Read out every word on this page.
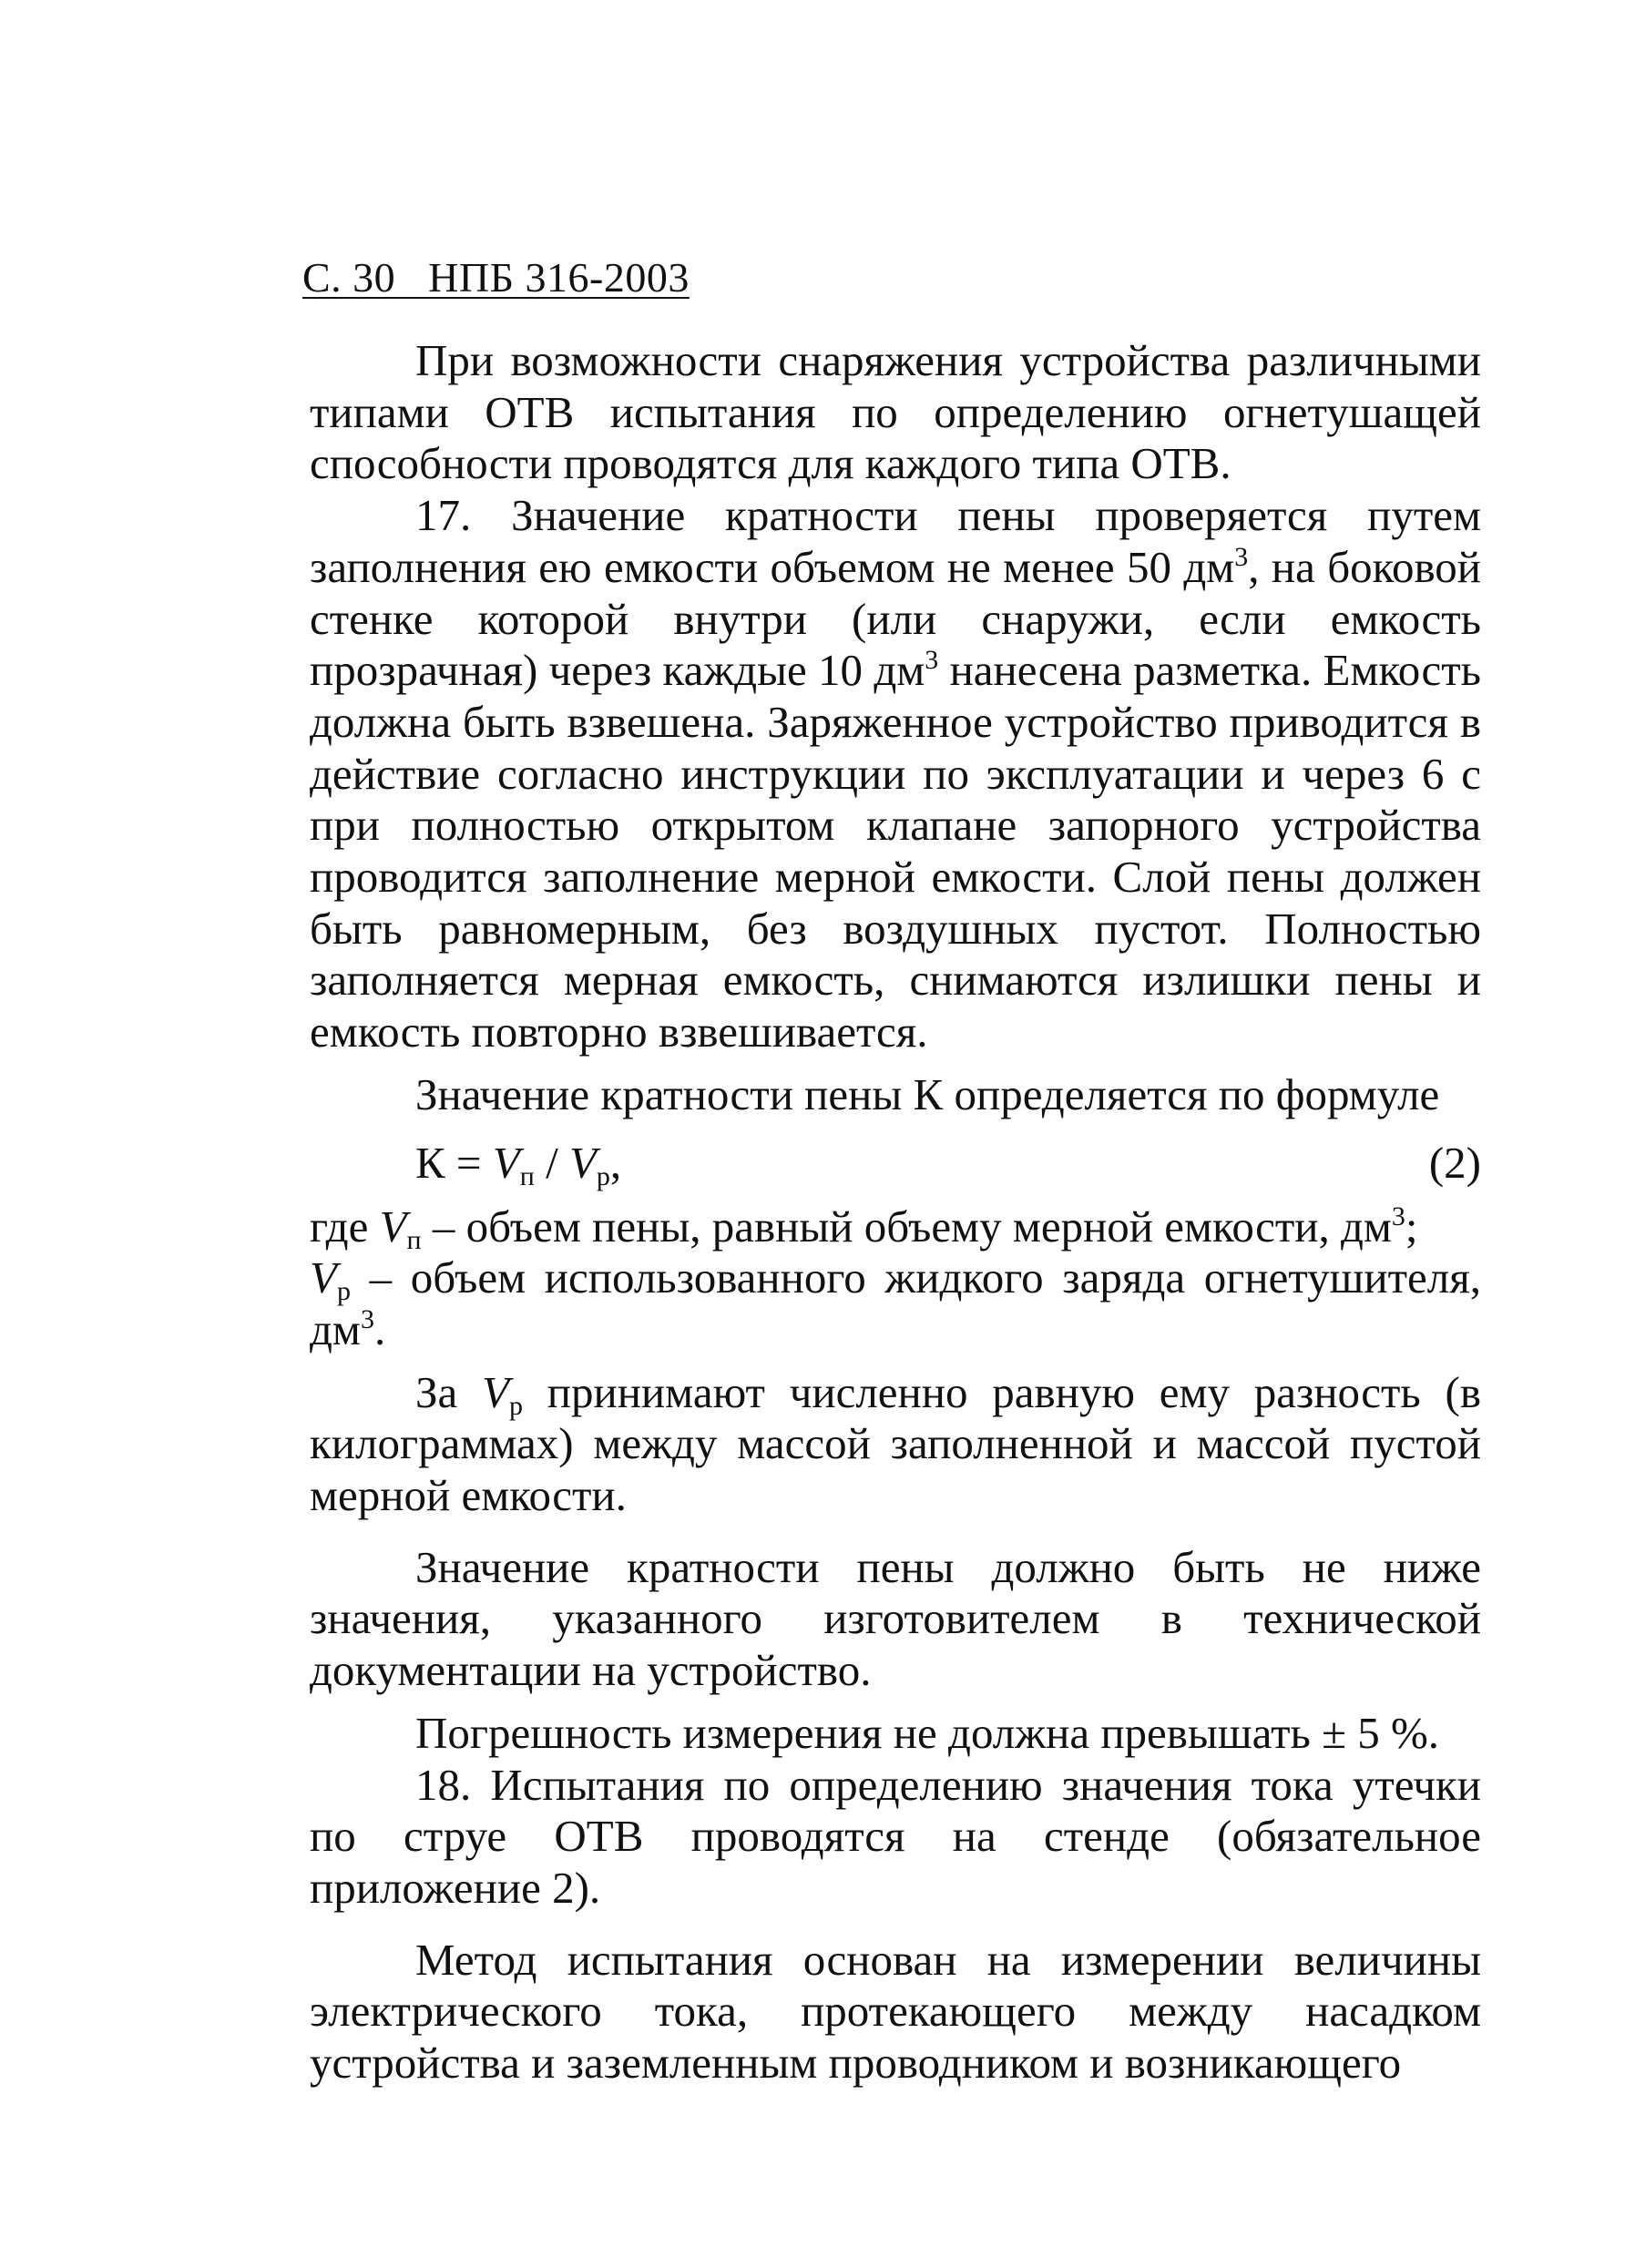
С. 30   НПБ 316-2003

При возможности снаряжения устройства различными типами ОТВ испытания по определению огнетушащей способности проводятся для каждого типа ОТВ.

17. Значение кратности пены проверяется путем заполнения ею емкости объемом не менее 50 $дм^3$, на боковой стенке которой внутри (или снаружи, если емкость прозрачная) через каждые 10 $дм^3$ нанесена разметка. Емкость должна быть взвешена. Заряженное устройство приводится в действие согласно инструкции по эксплуатации и через 6 с при полностью открытом клапане запорного устройства проводится заполнение мерной емкости. Слой пены должен быть равномерным, без воздушных пустот. Полностью заполняется мерная емкость, снимаются излишки пены и емкость повторно взвешивается.

Значение кратности пены К определяется по формуле

$К = V_п / V_р$,	(2)

где $V_п$ – объем пены, равный объему мерной емкости, $дм^3$;
$V_р$ – объем использованного жидкого заряда огнетушителя, $дм^3$.

За $V_р$ принимают численно равную ему разность (в килограммах) между массой заполненной и массой пустой мерной емкости.

Значение кратности пены должно быть не ниже значения, указанного изготовителем в технической документации на устройство.

Погрешность измерения не должна превышать ± 5 %.

18. Испытания по определению значения тока утечки по струе ОТВ проводятся на стенде (обязательное приложение 2).

Метод испытания основан на измерении величины электрического тока, протекающего между насадком устройства и заземленным проводником и возникающего
